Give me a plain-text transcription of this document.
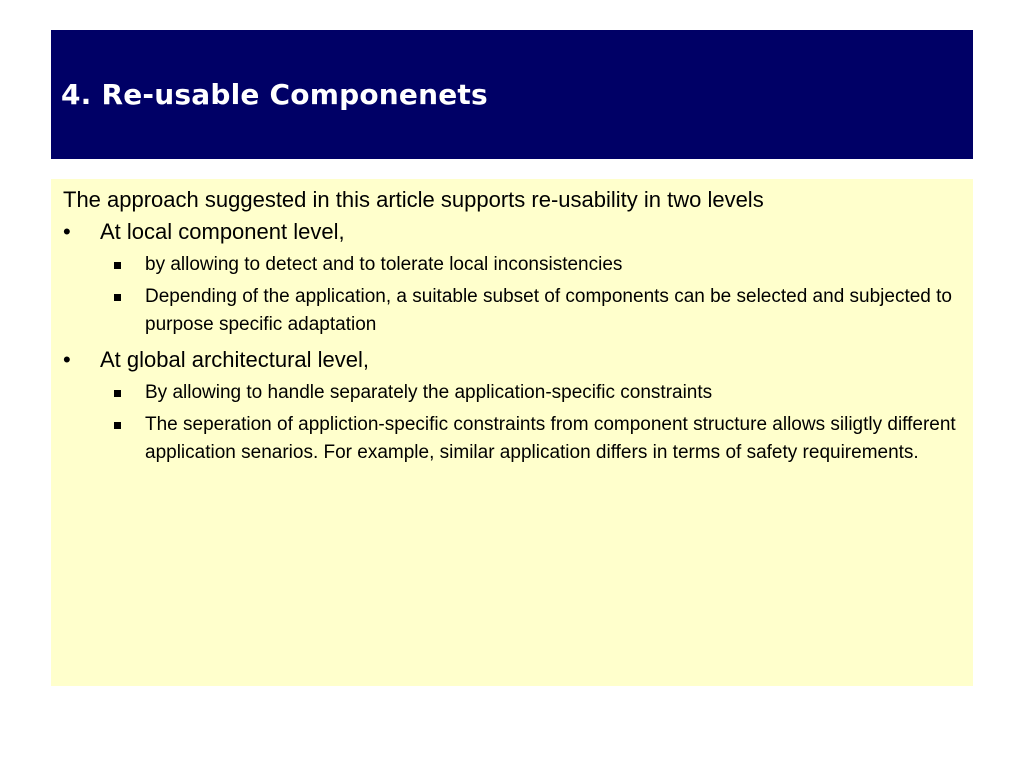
4. Re-usable Componenets

The approach suggested in this article supports re-usability in two levels

•	At local component level,

by allowing to detect and to tolerate local inconsistencies

Depending of the application, a suitable subset of components can be selected and subjected to purpose specific adaptation

•	At global architectural level,

By allowing to handle separately the application-specific constraints

The seperation of appliction-specific constraints from component structure allows siligtly different application senarios. For example, similar application differs in terms of safety requirements.
